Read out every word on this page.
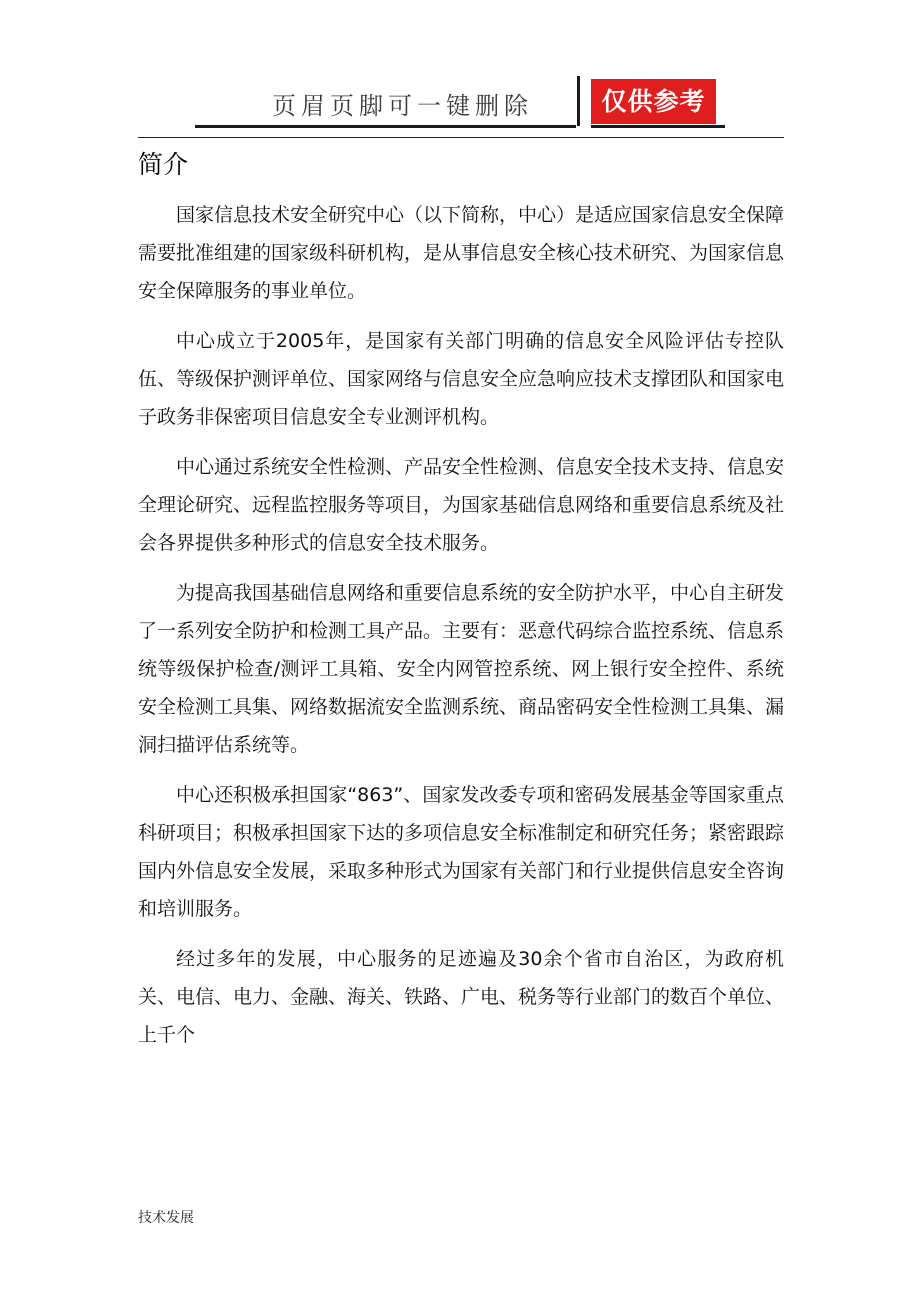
页眉页脚可一键删除	仅供参考
简介

国家信息技术安全研究中心（以下简称，中心）是适应国家信息安全保障需要批准组建的国家级科研机构，是从事信息安全核心技术研究、为国家信息安全保障服务的事业单位。

中心成立于2005年，是国家有关部门明确的信息安全风险评估专控队伍、等级保护测评单位、国家网络与信息安全应急响应技术支撑团队和国家电子政务非保密项目信息安全专业测评机构。

中心通过系统安全性检测、产品安全性检测、信息安全技术支持、信息安全理论研究、远程监控服务等项目，为国家基础信息网络和重要信息系统及社会各界提供多种形式的信息安全技术服务。

为提高我国基础信息网络和重要信息系统的安全防护水平，中心自主研发了一系列安全防护和检测工具产品。主要有：恶意代码综合监控系统、信息系统等级保护检查/测评工具箱、安全内网管控系统、网上银行安全控件、系统安全检测工具集、网络数据流安全监测系统、商品密码安全性检测工具集、漏洞扫描评估系统等。

中心还积极承担国家“863”、国家发改委专项和密码发展基金等国家重点科研项目；积极承担国家下达的多项信息安全标准制定和研究任务；紧密跟踪国内外信息安全发展，采取多种形式为国家有关部门和行业提供信息安全咨询和培训服务。

经过多年的发展，中心服务的足迹遍及30余个省市自治区，为政府机关、电信、电力、金融、海关、铁路、广电、税务等行业部门的数百个单位、上千个

技术发展
